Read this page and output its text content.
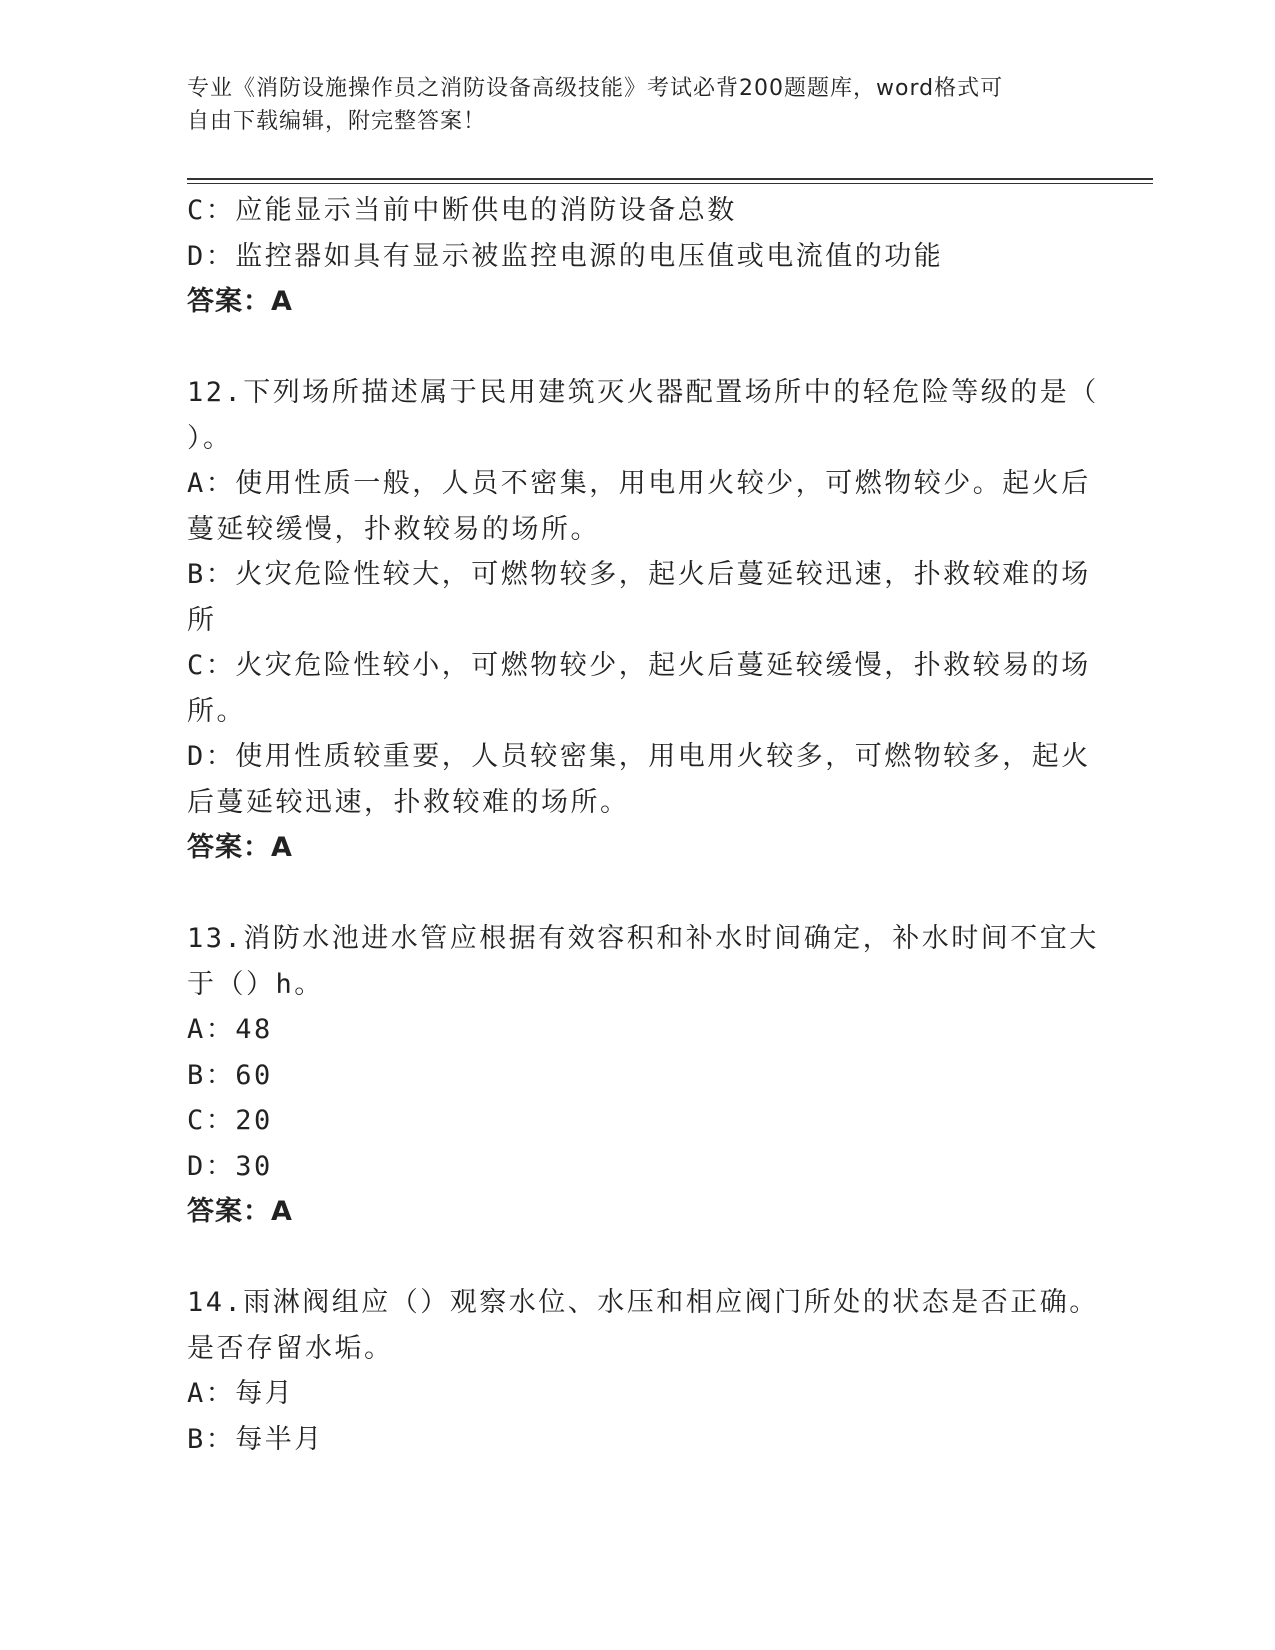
专业《消防设施操作员之消防设备高级技能》考试必背200题题库，word格式可
自由下载编辑，附完整答案！

C：应能显示当前中断供电的消防设备总数

D：监控器如具有显示被监控电源的电压值或电流值的功能

答案：A

12.下列场所描述属于民用建筑灭火器配置场所中的轻危险等级的是（

）。

A：使用性质一般，人员不密集，用电用火较少，可燃物较少。起火后

蔓延较缓慢，扑救较易的场所。

B：火灾危险性较大，可燃物较多，起火后蔓延较迅速，扑救较难的场

所

C：火灾危险性较小，可燃物较少，起火后蔓延较缓慢，扑救较易的场

所。

D：使用性质较重要，人员较密集，用电用火较多，可燃物较多，起火

后蔓延较迅速，扑救较难的场所。

答案：A

13.消防水池进水管应根据有效容积和补水时间确定，补水时间不宜大

于（）h。

A：48

B：60

C：20

D：30

答案：A

14.雨淋阀组应（）观察水位、水压和相应阀门所处的状态是否正确。

是否存留水垢。

A：每月

B：每半月
